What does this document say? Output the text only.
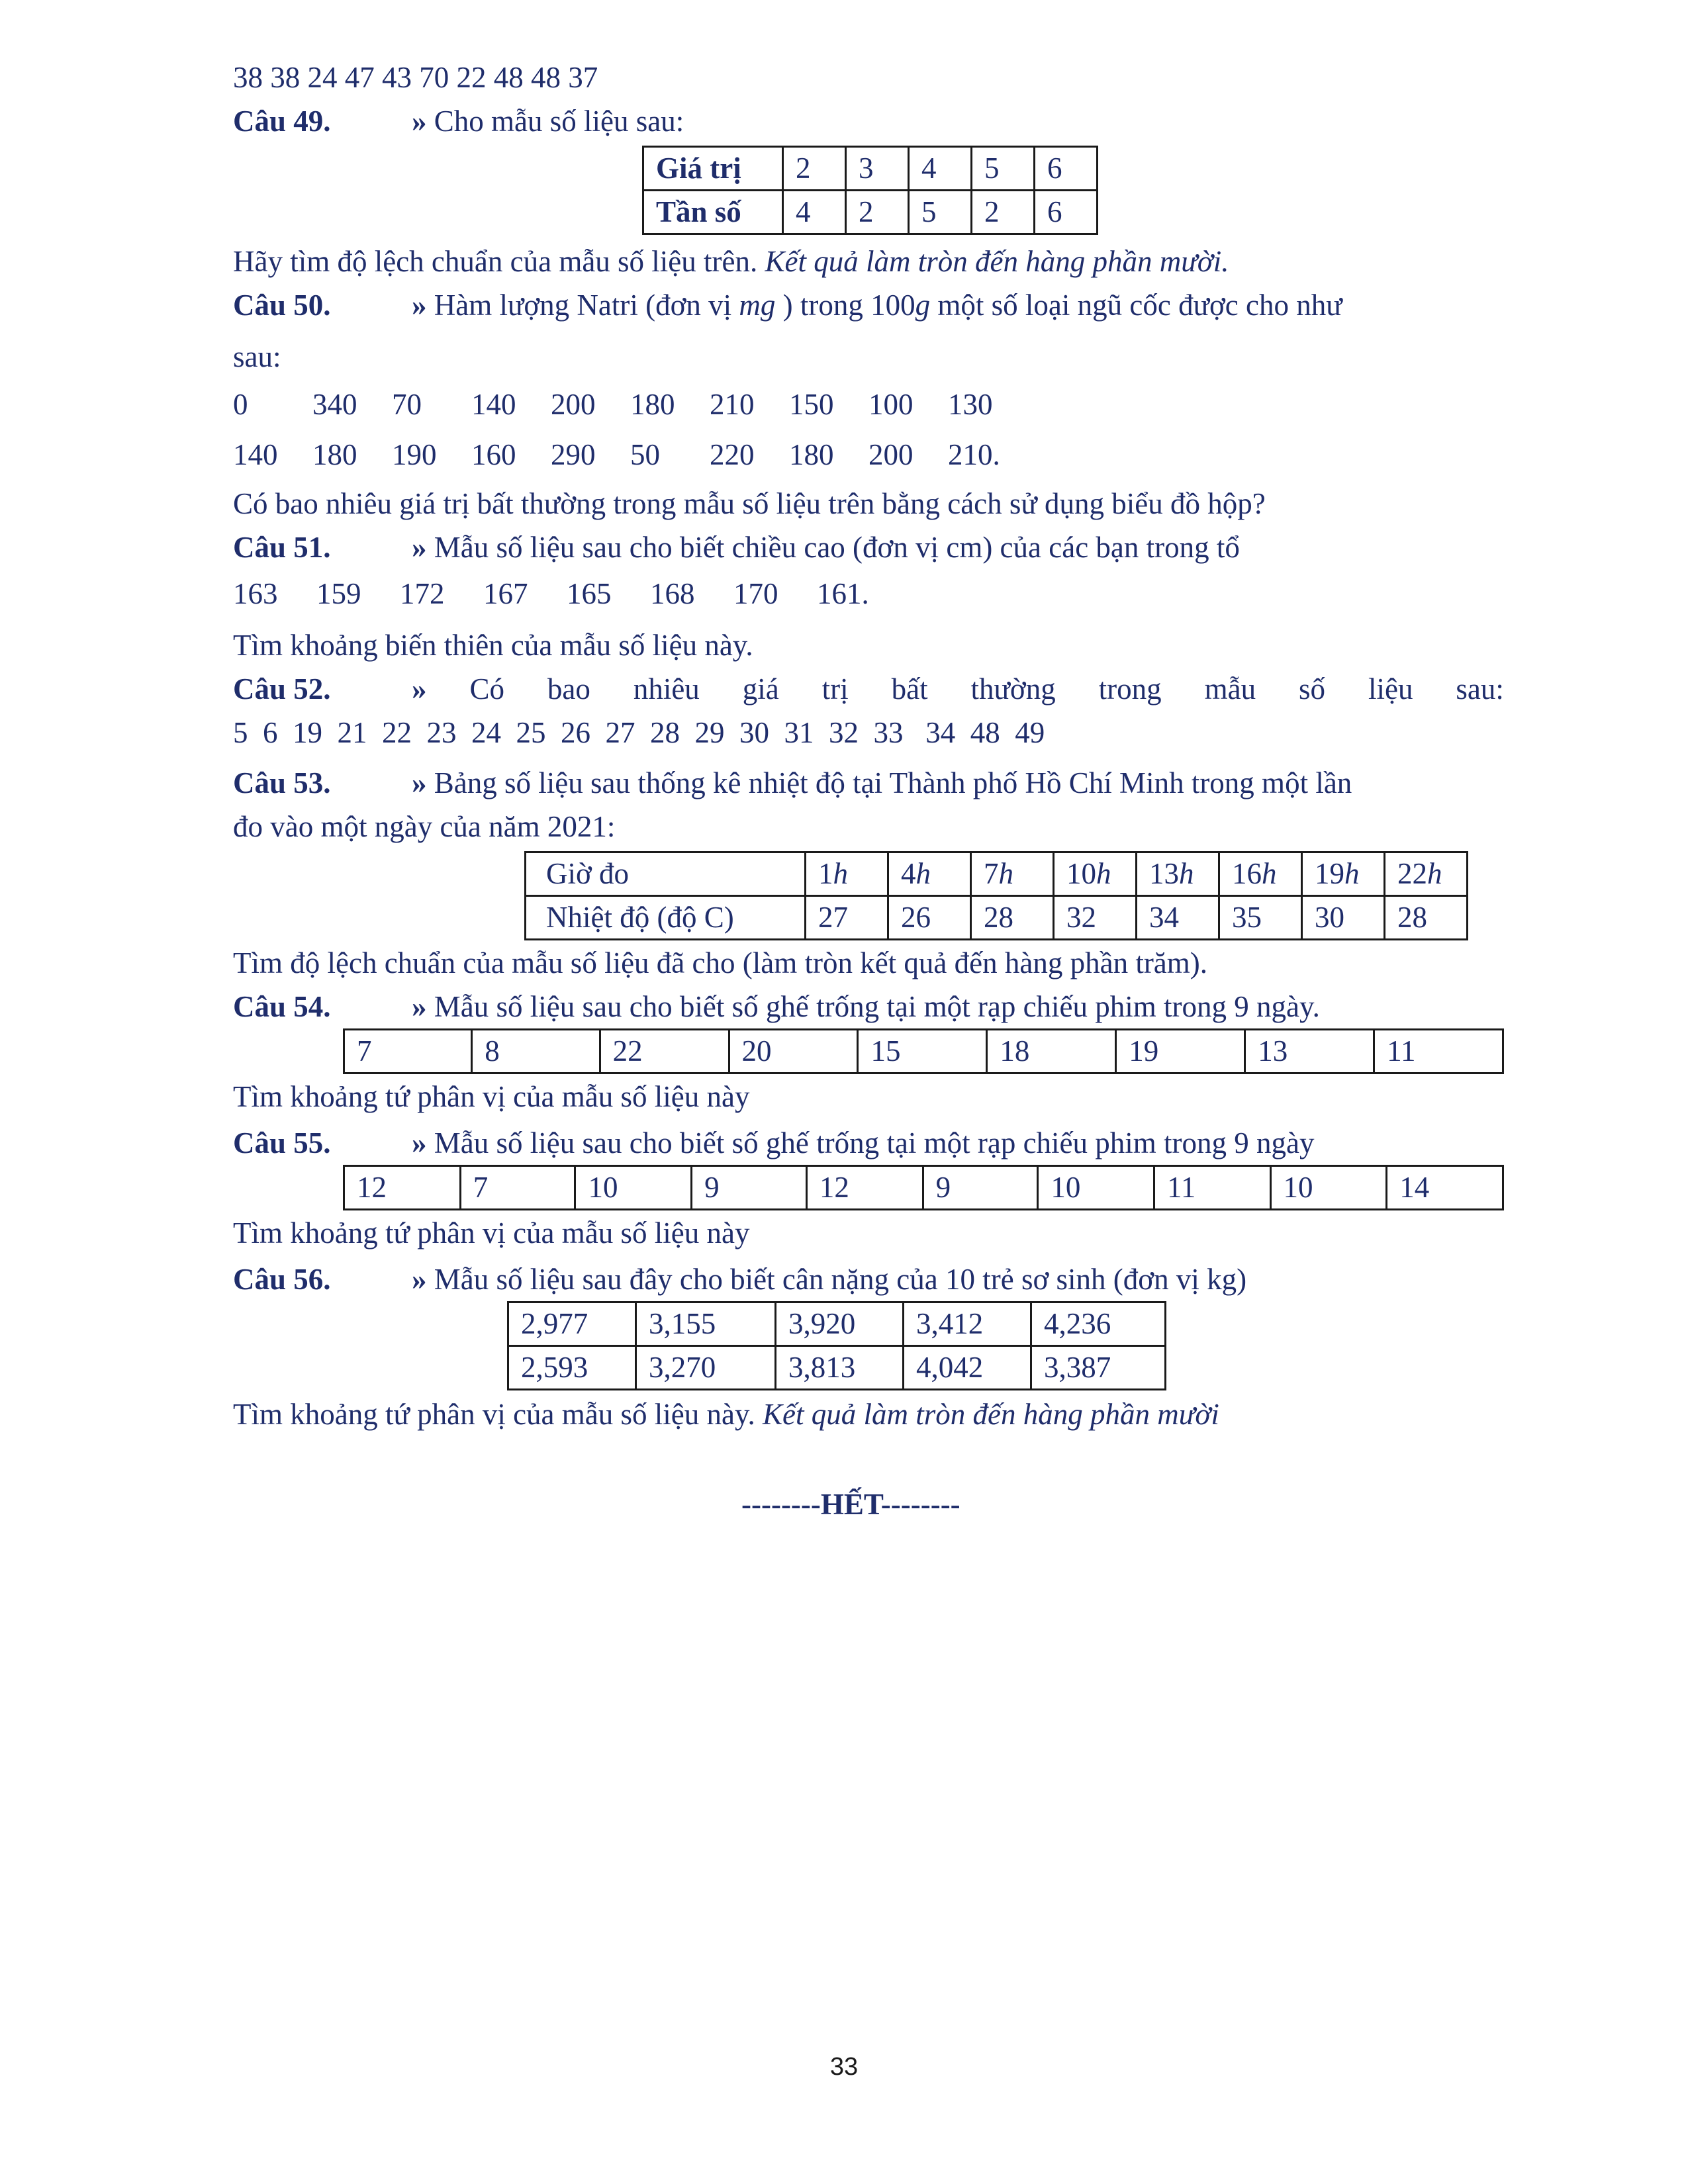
38 38 24 47 43 70 22 48 48 37
Câu 49.	» Cho mẫu số liệu sau:
Giá trị	2	3	4	5	6
Tần số	4	2	5	2	6
Hãy tìm độ lệch chuẩn của mẫu số liệu trên. Kết quả làm tròn đến hàng phần mười.
Câu 50.	» Hàm lượng Natri (đơn vị mg ) trong 100g một số loại ngũ cốc được cho như
sau:
0 340 70 140 200 180 210 150 100 130
140 180 190 160 290 50 220 180 200 210.
Có bao nhiêu giá trị bất thường trong mẫu số liệu trên bằng cách sử dụng biểu đồ hộp?
Câu 51.	» Mẫu số liệu sau cho biết chiều cao (đơn vị cm) của các bạn trong tổ
163 159 172 167 165 168 170 161.
Tìm khoảng biến thiên của mẫu số liệu này.
Câu 52.	» Có bao nhiêu giá trị bất thường trong mẫu số liệu sau:
5  6  19  21  22  23  24  25  26  27  28  29  30  31  32  33   34  48  49
Câu 53.	» Bảng số liệu sau thống kê nhiệt độ tại Thành phố Hồ Chí Minh trong một lần
đo vào một ngày của năm 2021:
Giờ đo	1h	4h	7h	10h	13h	16h	19h	22h
Nhiệt độ (độ C)	27	26	28	32	34	35	30	28
Tìm độ lệch chuẩn của mẫu số liệu đã cho (làm tròn kết quả đến hàng phần trăm).
Câu 54.	» Mẫu số liệu sau cho biết số ghế trống tại một rạp chiếu phim trong 9 ngày.
7	8	22	20	15	18	19	13	11
Tìm khoảng tứ phân vị của mẫu số liệu này
Câu 55.	» Mẫu số liệu sau cho biết số ghế trống tại một rạp chiếu phim trong 9 ngày
12	7	10	9	12	9	10	11	10	14
Tìm khoảng tứ phân vị của mẫu số liệu này
Câu 56.	» Mẫu số liệu sau đây cho biết cân nặng của 10 trẻ sơ sinh (đơn vị kg)
2,977	3,155	3,920	3,412	4,236
2,593	3,270	3,813	4,042	3,387
Tìm khoảng tứ phân vị của mẫu số liệu này. Kết quả làm tròn đến hàng phần mười
--------HẾT--------
33
